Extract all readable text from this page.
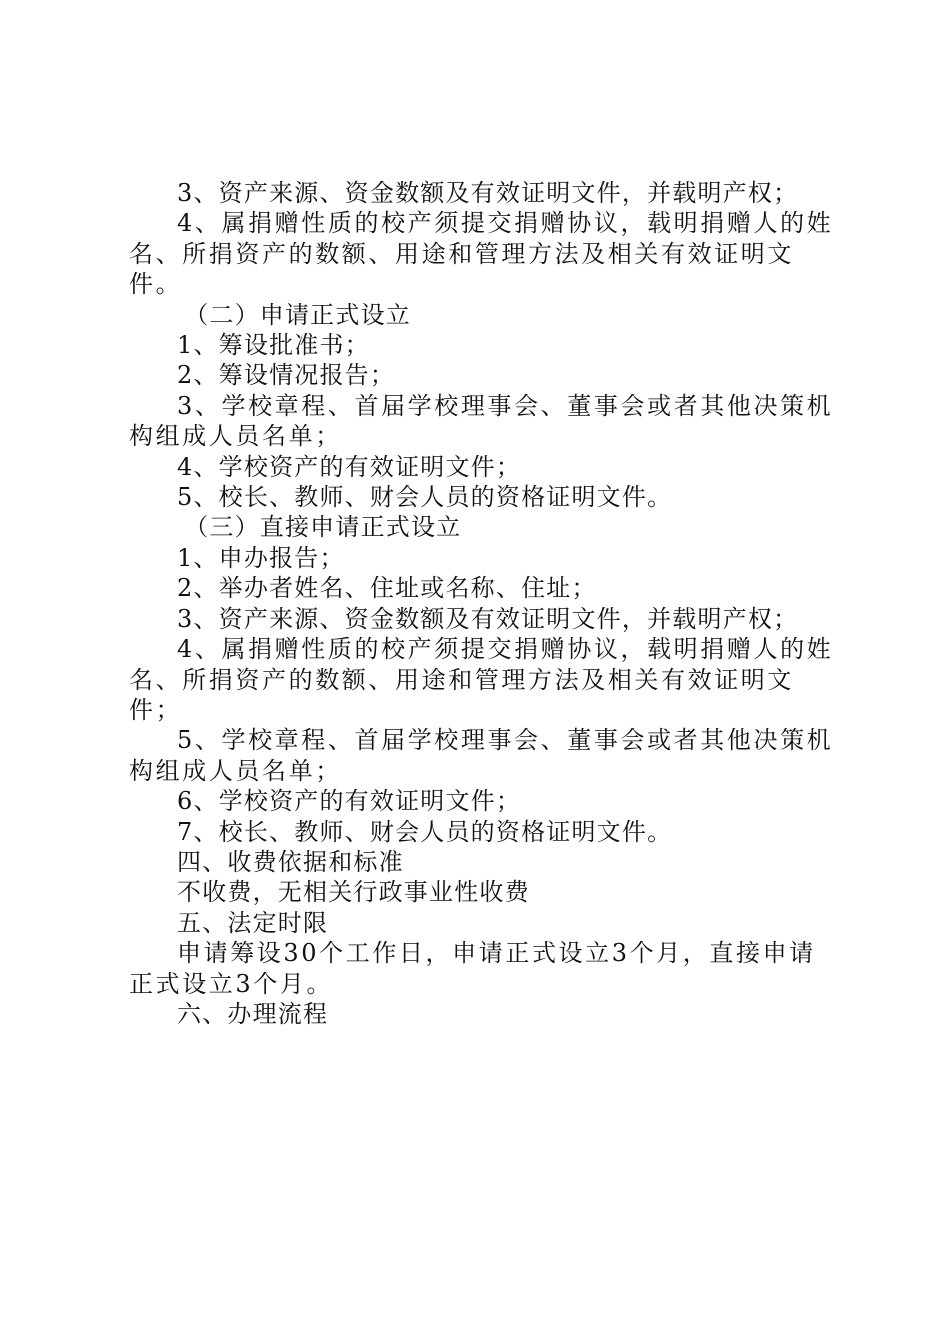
3、资产来源、资金数额及有效证明文件，并载明产权；

4、属捐赠性质的校产须提交捐赠协议，载明捐赠人的姓名、所捐资产的数额、用途和管理方法及相关有效证明文件。

（二）申请正式设立

1、筹设批准书；

2、筹设情况报告；

3、学校章程、首届学校理事会、董事会或者其他决策机构组成人员名单；

4、学校资产的有效证明文件；

5、校长、教师、财会人员的资格证明文件。

（三）直接申请正式设立

1、申办报告；

2、举办者姓名、住址或名称、住址；

3、资产来源、资金数额及有效证明文件，并载明产权；

4、属捐赠性质的校产须提交捐赠协议，载明捐赠人的姓名、所捐资产的数额、用途和管理方法及相关有效证明文件；

5、学校章程、首届学校理事会、董事会或者其他决策机构组成人员名单；

6、学校资产的有效证明文件；

7、校长、教师、财会人员的资格证明文件。

四、收费依据和标准

不收费，无相关行政事业性收费

五、法定时限

申请筹设30个工作日，申请正式设立3个月，直接申请正式设立3个月。

六、办理流程
